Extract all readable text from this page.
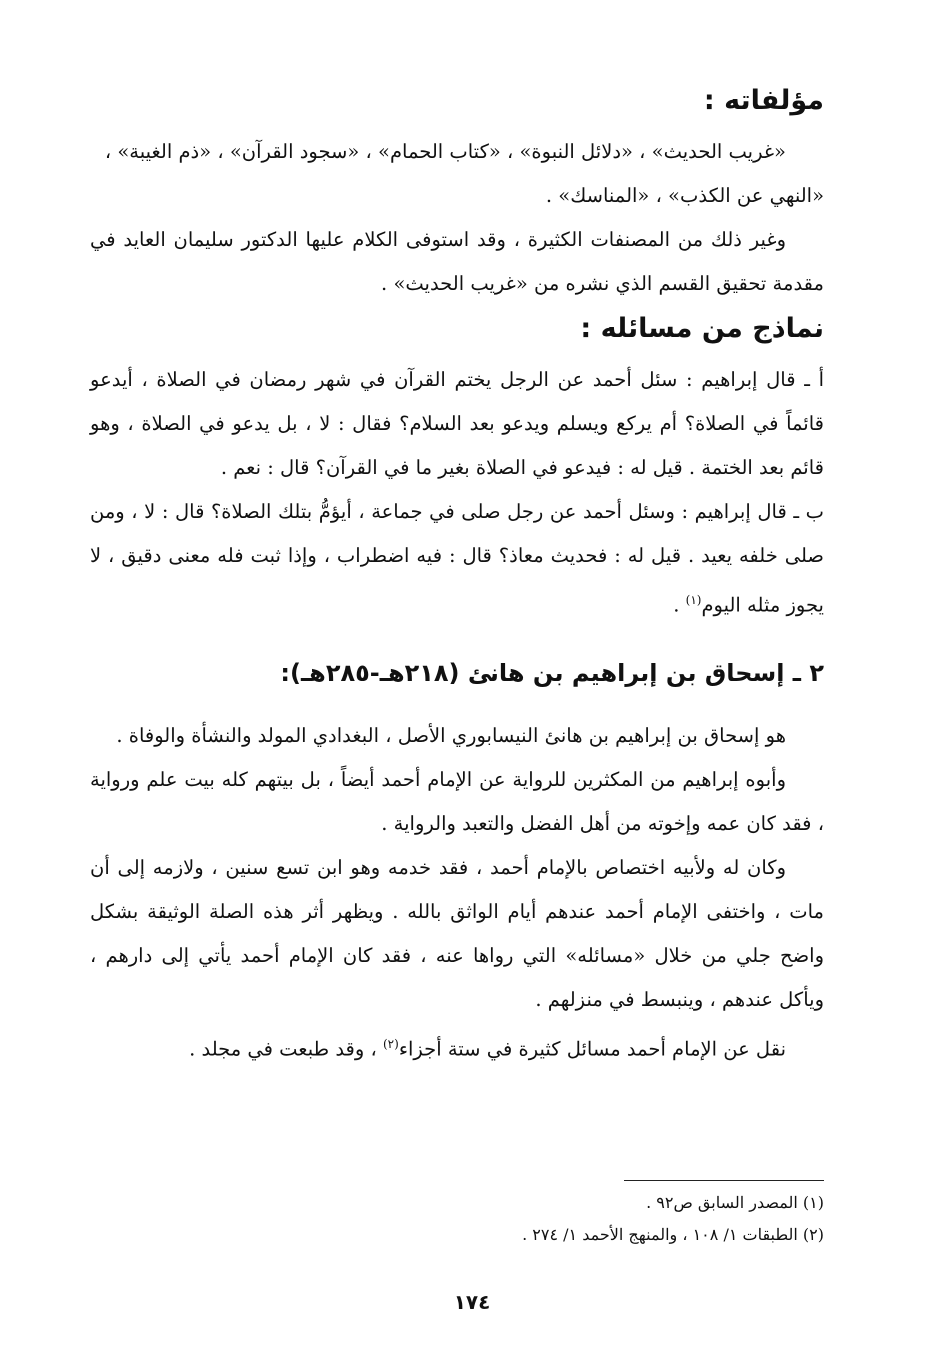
مؤلفاته :

«غريب الحديث» ، «دلائل النبوة» ، «كتاب الحمام» ، «سجود القرآن» ، «ذم الغيبة» ،

«النهي عن الكذب» ، «المناسك» .

وغير ذلك من المصنفات الكثيرة ، وقد استوفى الكلام عليها الدكتور سليمان العايد في مقدمة تحقيق القسم الذي نشره من «غريب الحديث» .

نماذج من مسائله :

أ ـ قال إبراهيم : سئل أحمد عن الرجل يختم القرآن في شهر رمضان في الصلاة ، أيدعو قائماً في الصلاة؟ أم يركع ويسلم ويدعو بعد السلام؟ فقال : لا ، بل يدعو في الصلاة ، وهو قائم بعد الختمة . قيل له : فيدعو في الصلاة بغير ما في القرآن؟ قال : نعم .

ب ـ قال إبراهيم : وسئل أحمد عن رجل صلى في جماعة ، أيؤمُّ بتلك الصلاة؟ قال : لا ، ومن صلى خلفه يعيد . قيل له : فحديث معاذ؟ قال : فيه اضطراب ، وإذا ثبت فله معنى دقيق ، لا يجوز مثله اليوم$^{(١)}$ .

٢ ـ إسحاق بن إبراهيم بن هانئ (٢١٨هـ-٢٨٥هـ):

هو إسحاق بن إبراهيم بن هانئ النيسابوري الأصل ، البغدادي المولد والنشأة والوفاة .

وأبوه إبراهيم من المكثرين للرواية عن الإمام أحمد أيضاً ، بل بيتهم كله بيت علم ورواية ، فقد كان عمه وإخوته من أهل الفضل والتعبد والرواية .

وكان له ولأبيه اختصاص بالإمام أحمد ، فقد خدمه وهو ابن تسع سنين ، ولازمه إلى أن مات ، واختفى الإمام أحمد عندهم أيام الواثق بالله . ويظهر أثر هذه الصلة الوثيقة بشكل واضح جلي من خلال «مسائله» التي رواها عنه ، فقد كان الإمام أحمد يأتي إلى دارهم ، ويأكل عندهم ، وينبسط في منزلهم .

نقل عن الإمام أحمد مسائل كثيرة في ستة أجزاء$^{(٢)}$ ، وقد طبعت في مجلد .

(١) المصدر السابق ص٩٢ .

(٢) الطبقات ١/ ١٠٨ ، والمنهج الأحمد ١/ ٢٧٤ .

١٧٤
